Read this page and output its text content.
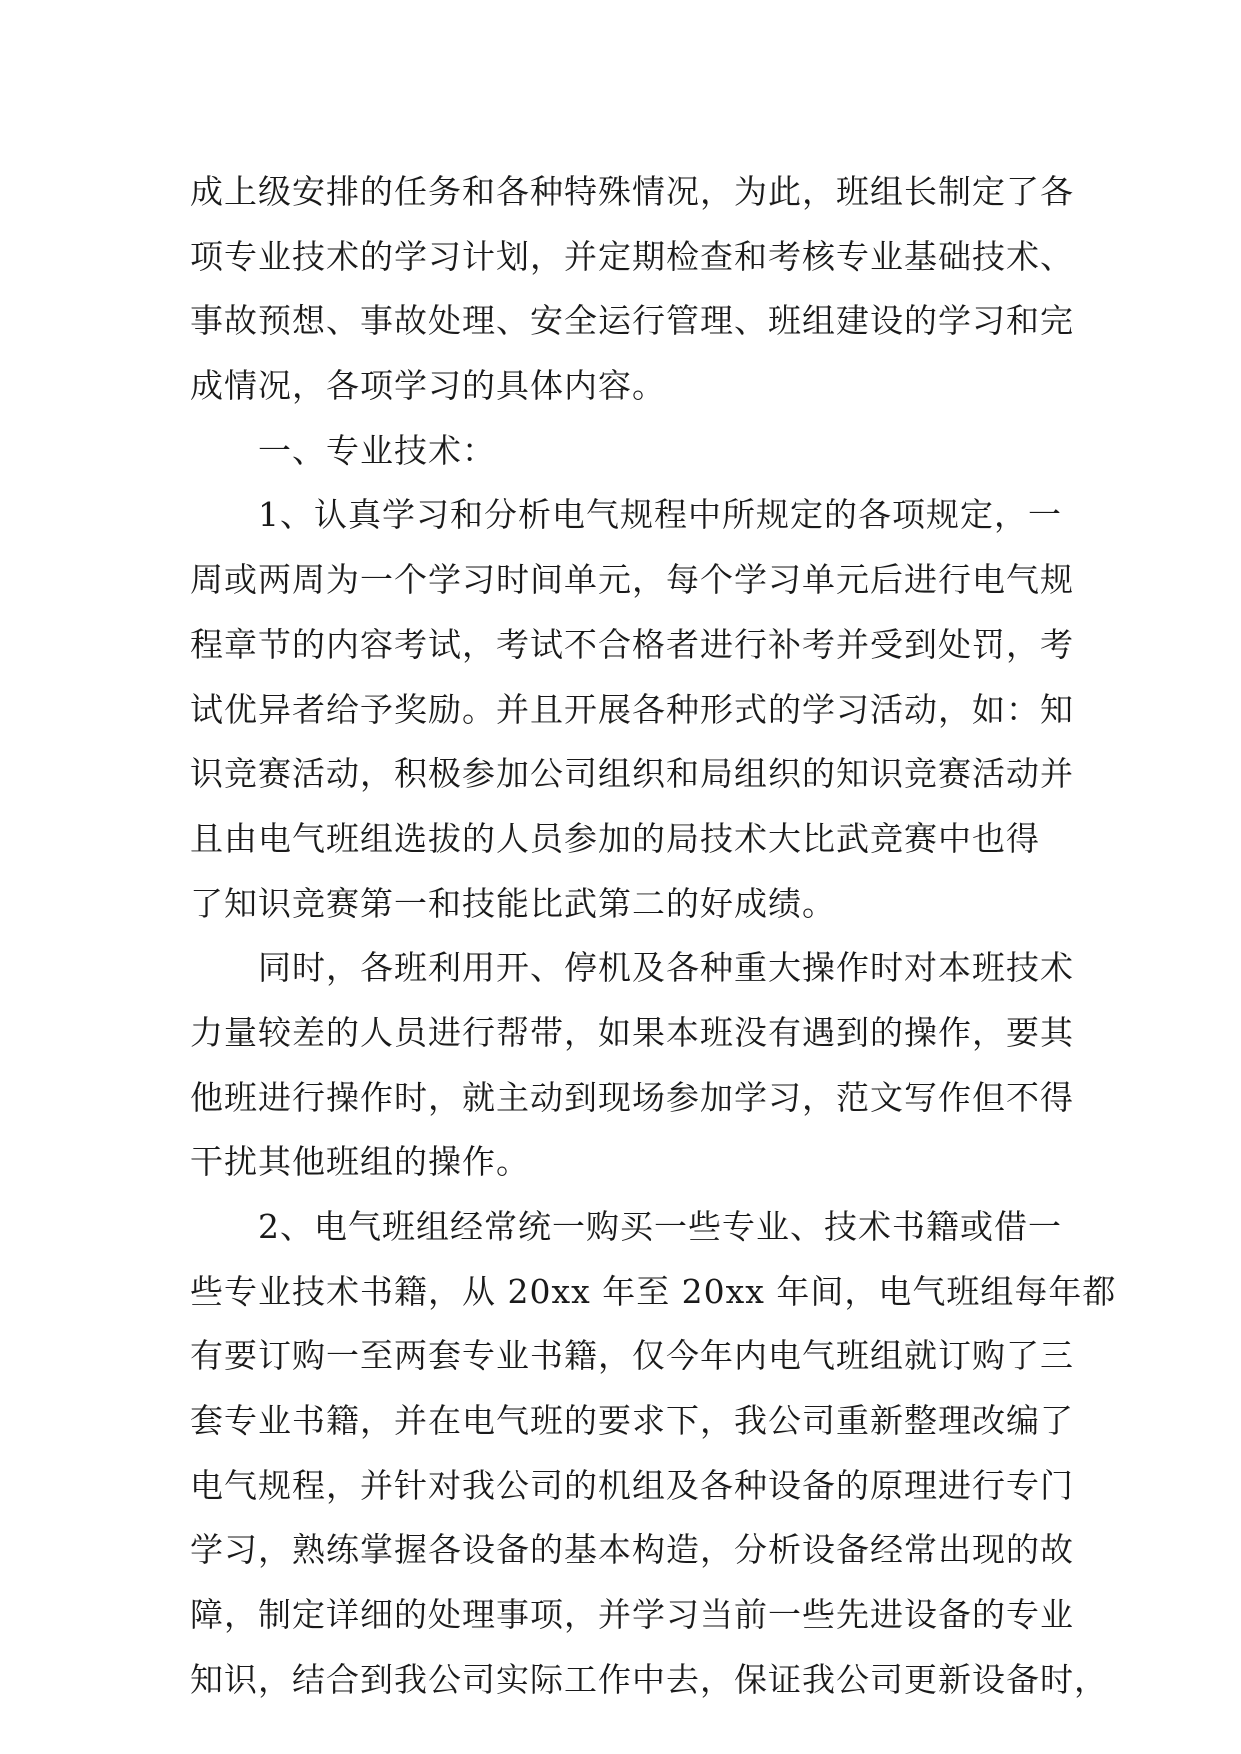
成上级安排的任务和各种特殊情况，为此，班组长制定了各
项专业技术的学习计划，并定期检查和考核专业基础技术、
事故预想、事故处理、安全运行管理、班组建设的学习和完
成情况，各项学习的具体内容。
一、专业技术：
1、认真学习和分析电气规程中所规定的各项规定，一
周或两周为一个学习时间单元，每个学习单元后进行电气规
程章节的内容考试，考试不合格者进行补考并受到处罚，考
试优异者给予奖励。并且开展各种形式的学习活动，如：知
识竞赛活动，积极参加公司组织和局组织的知识竞赛活动并
且由电气班组选拔的人员参加的局技术大比武竞赛中也得
了知识竞赛第一和技能比武第二的好成绩。
同时，各班利用开、停机及各种重大操作时对本班技术
力量较差的人员进行帮带，如果本班没有遇到的操作，要其
他班进行操作时，就主动到现场参加学习，范文写作但不得
干扰其他班组的操作。
2、电气班组经常统一购买一些专业、技术书籍或借一
些专业技术书籍，从 20xx 年至 20xx 年间，电气班组每年都
有要订购一至两套专业书籍，仅今年内电气班组就订购了三
套专业书籍，并在电气班的要求下，我公司重新整理改编了
电气规程，并针对我公司的机组及各种设备的原理进行专门
学习，熟练掌握各设备的基本构造，分析设备经常出现的故
障，制定详细的处理事项，并学习当前一些先进设备的专业
知识，结合到我公司实际工作中去，保证我公司更新设备时，
